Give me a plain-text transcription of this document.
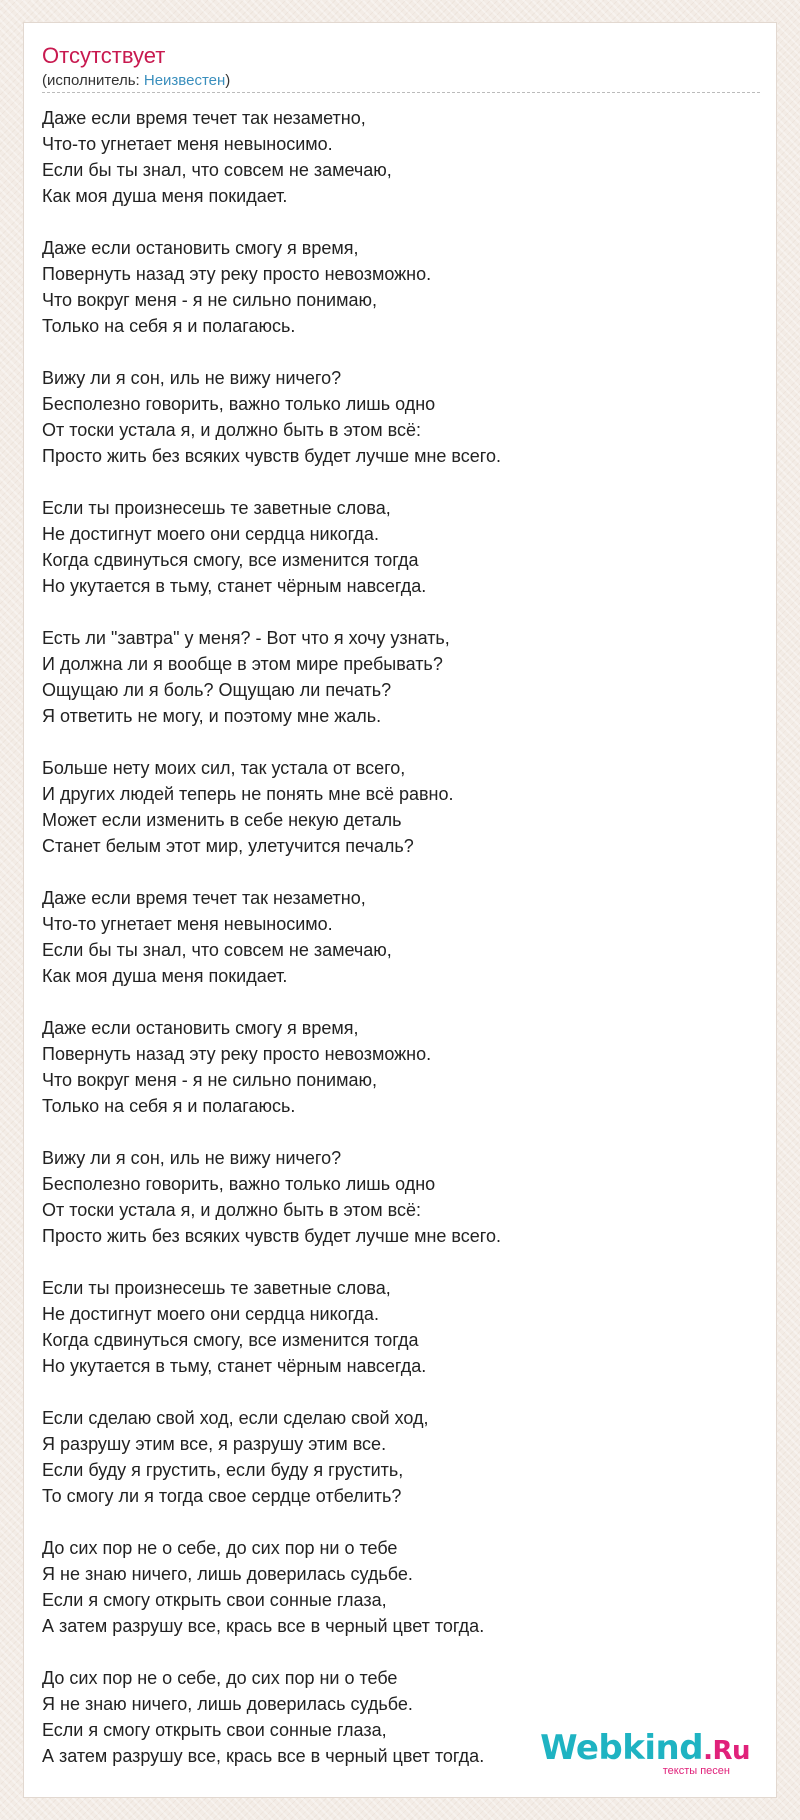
Отсутствует
(исполнитель: Неизвестен)
Даже если время течет так незаметно,
Что-то угнетает меня невыносимо.
Если бы ты знал, что совсем не замечаю,
Как моя душа меня покидает.
Даже если остановить смогу я время,
Повернуть назад эту реку просто невозможно.
Что вокруг меня - я не сильно понимаю,
Только на себя я и полагаюсь.
Вижу ли я сон, иль не вижу ничего?
Бесполезно говорить, важно только лишь одно
От тоски устала я, и должно быть в этом всё:
Просто жить без всяких чувств будет лучше мне всего.
Если ты произнесешь те заветные слова,
Не достигнут моего они сердца никогда.
Когда сдвинуться смогу, все изменится тогда
Но укутается в тьму, станет чёрным навсегда.
Есть ли "завтра" у меня? - Вот что я хочу узнать,
И должна ли я вообще в этом мире пребывать?
Ощущаю ли я боль? Ощущаю ли печать?
Я ответить не могу, и поэтому мне жаль.
Больше нету моих сил, так устала от всего,
И других людей теперь не понять мне всё равно.
Может если изменить в себе некую деталь
Станет белым этот мир, улетучится печаль?
Даже если время течет так незаметно,
Что-то угнетает меня невыносимо.
Если бы ты знал, что совсем не замечаю,
Как моя душа меня покидает.
Даже если остановить смогу я время,
Повернуть назад эту реку просто невозможно.
Что вокруг меня - я не сильно понимаю,
Только на себя я и полагаюсь.
Вижу ли я сон, иль не вижу ничего?
Бесполезно говорить, важно только лишь одно
От тоски устала я, и должно быть в этом всё:
Просто жить без всяких чувств будет лучше мне всего.
Если ты произнесешь те заветные слова,
Не достигнут моего они сердца никогда.
Когда сдвинуться смогу, все изменится тогда
Но укутается в тьму, станет чёрным навсегда.
Если сделаю свой ход, если сделаю свой ход,
Я разрушу этим все, я разрушу этим все.
Если буду я грустить, если буду я грустить,
То смогу ли я тогда свое сердце отбелить?
До сих пор не о себе, до сих пор ни о тебе
Я не знаю ничего, лишь доверилась судьбе.
Если я смогу открыть свои сонные глаза,
А затем разрушу все, крась все в черный цвет тогда.
До сих пор не о себе, до сих пор ни о тебе
Я не знаю ничего, лишь доверилась судьбе.
Если я смогу открыть свои сонные глаза,
А затем разрушу все, крась все в черный цвет тогда.	Webkind.Ru
тексты песен
